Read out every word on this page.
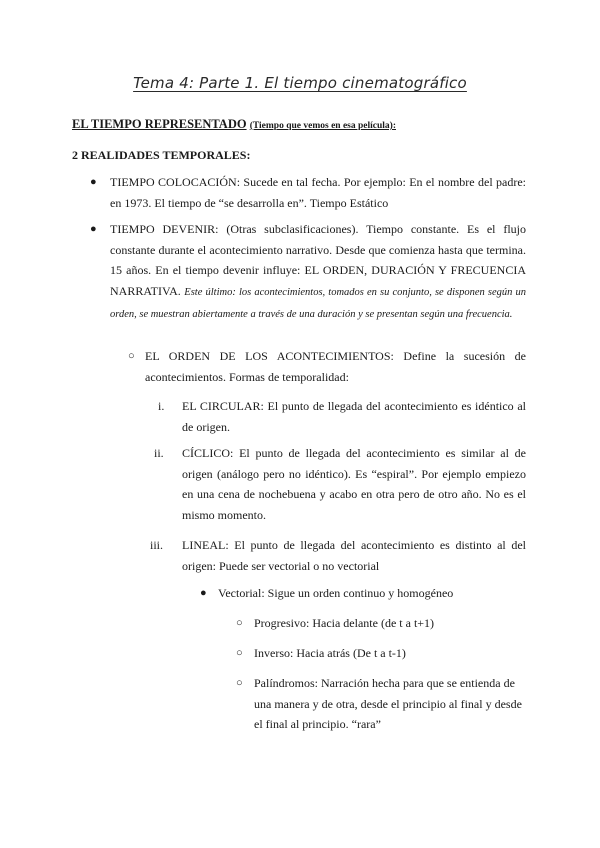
Tema 4: Parte 1. El tiempo cinematográfico
EL TIEMPO REPRESENTADO (Tiempo que vemos en esa película):
2 REALIDADES TEMPORALES:
● TIEMPO COLOCACIÓN: Sucede en tal fecha. Por ejemplo: En el nombre del padre: en 1973. El tiempo de “se desarrolla en”. Tiempo Estático

● TIEMPO DEVENIR: (Otras subclasificaciones). Tiempo constante. Es el flujo constante durante el acontecimiento narrativo. Desde que comienza hasta que termina. 15 años. En el tiempo devenir influye: EL ORDEN, DURACIÓN Y FRECUENCIA NARRATIVA. Este último: los acontecimientos, tomados en su conjunto, se disponen según un orden, se muestran abiertamente a través de una duración y se presentan según una frecuencia.

○ EL ORDEN DE LOS ACONTECIMIENTOS: Define la sucesión de acontecimientos. Formas de temporalidad:

i. EL CIRCULAR: El punto de llegada del acontecimiento es idéntico al de origen.

ii. CÍCLICO: El punto de llegada del acontecimiento es similar al de origen (análogo pero no idéntico). Es “espiral”. Por ejemplo empiezo en una cena de nochebuena y acabo en otra pero de otro año. No es el mismo momento.

iii. LINEAL: El punto de llegada del acontecimiento es distinto al del origen: Puede ser vectorial o no vectorial

● Vectorial: Sigue un orden continuo y homogéneo

○ Progresivo: Hacia delante (de t a t+1)

○ Inverso: Hacia atrás (De t a t-1)

○ Palíndromos: Narración hecha para que se entienda de una manera y de otra, desde el principio al final y desde el final al principio. “rara”
